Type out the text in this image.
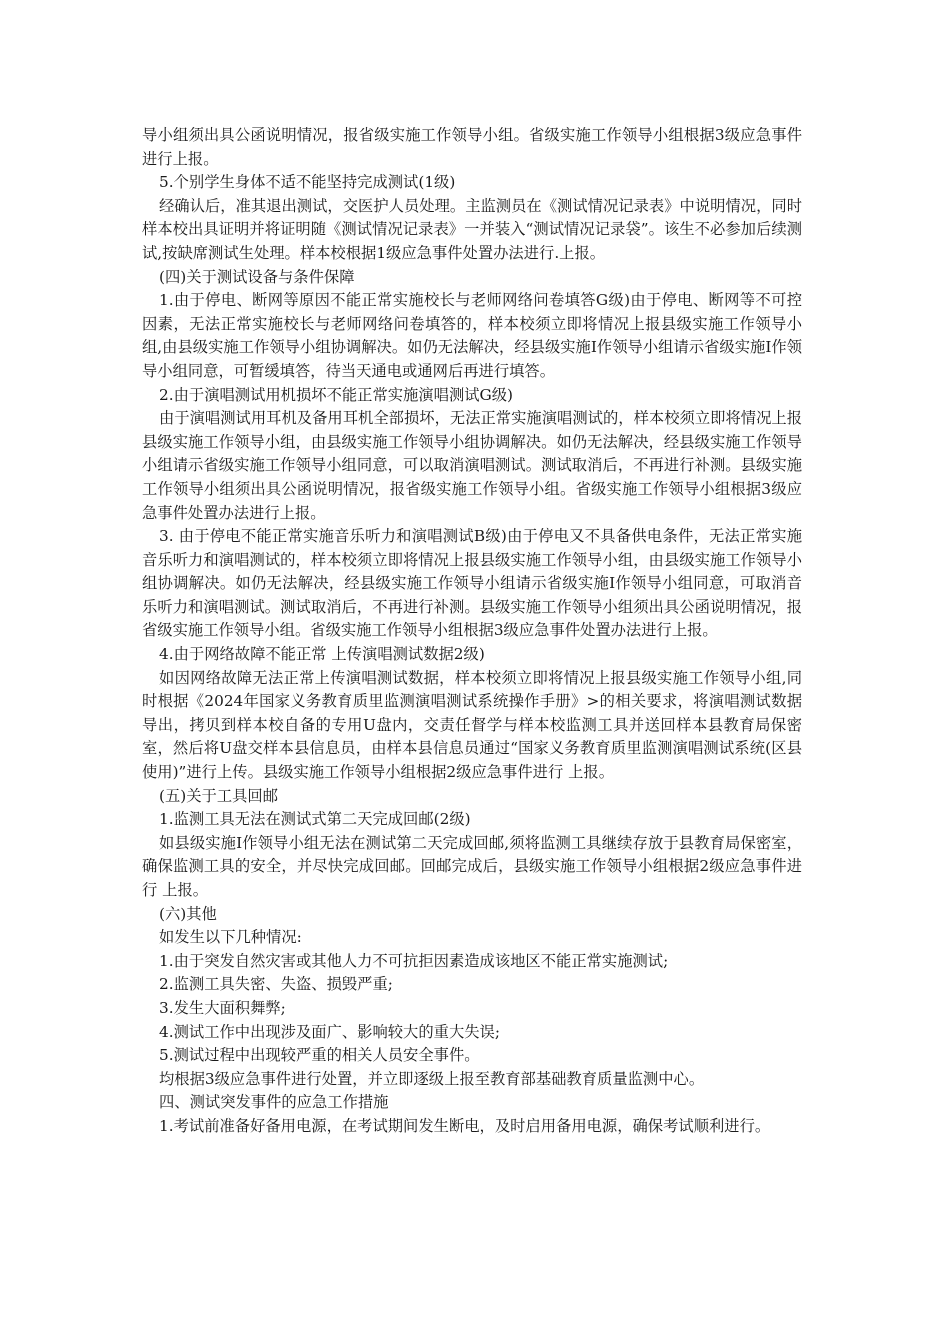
导小组须出具公函说明情况，报省级实施工作领导小组。省级实施工作领导小组根据3级应急事件进行上报。

5.个别学生身体不适不能坚持完成测试(1级)

经确认后，准其退出测试，交医护人员处理。主监测员在《测试情况记录表》中说明情况，同时样本校出具证明并将证明随《测试情况记录表》一并装入“测试情况记录袋”。该生不必参加后续测试,按缺席测试生处理。样本校根据1级应急事件处置办法进行.上报。

(四)关于测试设备与条件保障

1.由于停电、断网等原因不能正常实施校长与老师网络问卷填答G级)由于停电、断网等不可控因素，无法正常实施校长与老师网络问卷填答的，样本校须立即将情况上报县级实施工作领导小组,由县级实施工作领导小组协调解决。如仍无法解决，经县级实施I作领导小组请示省级实施I作领导小组同意，可暂缓填答，待当天通电或通网后再进行填答。

2.由于演唱测试用机损坏不能正常实施演唱测试G级)

由于演唱测试用耳机及备用耳机全部损坏，无法正常实施演唱测试的，样本校须立即将情况上报县级实施工作领导小组，由县级实施工作领导小组协调解决。如仍无法解决，经县级实施工作领导小组请示省级实施工作领导小组同意，可以取消演唱测试。测试取消后，不再进行补测。县级实施工作领导小组须出具公函说明情况，报省级实施工作领导小组。省级实施工作领导小组根据3级应急事件处置办法进行上报。

3. 由于停电不能正常实施音乐听力和演唱测试B级)由于停电又不具备供电条件，无法正常实施音乐听力和演唱测试的，样本校须立即将情况上报县级实施工作领导小组，由县级实施工作领导小组协调解决。如仍无法解决，经县级实施工作领导小组请示省级实施I作领导小组同意，可取消音乐听力和演唱测试。测试取消后，不再进行补测。县级实施工作领导小组须出具公函说明情况，报省级实施工作领导小组。省级实施工作领导小组根据3级应急事件处置办法进行上报。

4.由于网络故障不能正常 上传演唱测试数据2级)

如因网络故障无法正常上传演唱测试数据，样本校须立即将情况上报县级实施工作领导小组,同时根据《2024年国家义务教育质里监测演唱测试系统操作手册》>的相关要求，将演唱测试数据导出，拷贝到样本校自备的专用U盘内，交责任督学与样本校监测工具并送回样本县教育局保密室，然后将U盘交样本县信息员，由样本县信息员通过“国家义务教育质里监测演唱测试系统(区县使用)”进行上传。县级实施工作领导小组根据2级应急事件进行 上报。

(五)关于工具回邮

1.监测工具无法在测试式第二天完成回邮(2级)

如县级实施I作领导小组无法在测试第二天完成回邮,须将监测工具继续存放于县教育局保密室，确保监测工具的安全，并尽快完成回邮。回邮完成后，县级实施工作领导小组根据2级应急事件进行 上报。

(六)其他

如发生以下几种情况:

1.由于突发自然灾害或其他人力不可抗拒因素造成该地区不能正常实施测试;

2.监测工具失密、失盗、损毁严重;

3.发生大面积舞弊;

4.测试工作中出现涉及面广、影响较大的重大失误;

5.测试过程中出现较严重的相关人员安全事件。

均根据3级应急事件进行处置，并立即逐级上报至教育部基础教育质量监测中心。

四、测试突发事件的应急工作措施

1.考试前准备好备用电源，在考试期间发生断电，及时启用备用电源，确保考试顺利进行。
